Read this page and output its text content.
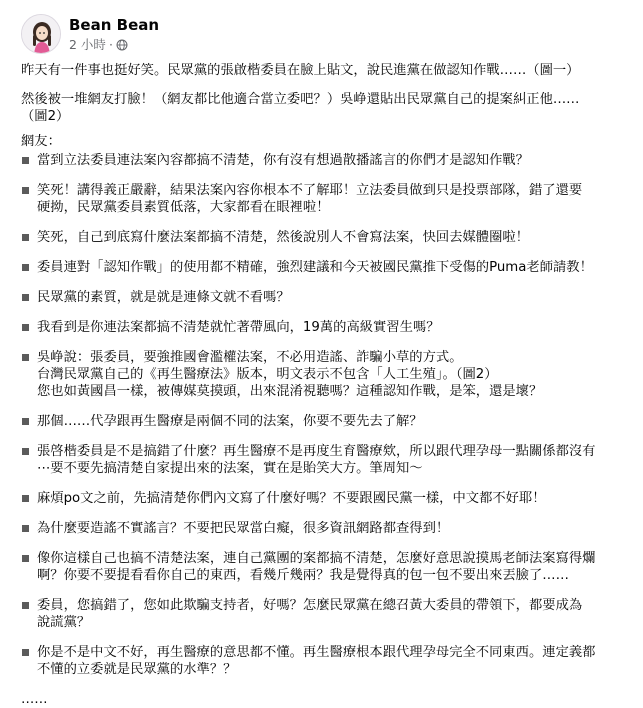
Bean Bean
2 小時 ·

昨天有一件事也挺好笑。民眾黨的張啟楷委員在臉上貼文，說民進黨在做認知作戰……（圖一）

然後被一堆網友打臉！（網友都比他適合當立委吧？）吳峥還貼出民眾黨自己的提案糾正他……
（圖2）

網友：

當到立法委員連法案內容都搞不清楚，你有沒有想過散播謠言的你們才是認知作戰？
笑死！講得義正嚴辭，結果法案內容你根本不了解耶！立法委員做到只是投票部隊，錯了還要
硬拗，民眾黨委員素質低落，大家都看在眼裡啦！
笑死，自己到底寫什麼法案都搞不清楚，然後說別人不會寫法案，快回去媒體圈啦！
委員連對「認知作戰」的使用都不精確，強烈建議和今天被國民黨推下受傷的Puma老師請教！
民眾黨的素質，就是就是連條文就不看嗎？
我看到是你連法案都搞不清楚就忙著帶風向，19萬的高級實習生嗎？
吳峥說：張委員，要強推國會濫權法案，不必用造謠、詐騙小草的方式。
台灣民眾黨自己的《再生醫療法》版本，明文表示不包含「人工生殖」。（圖2）
您也如黃國昌一樣，被傳媒莫摸頭，出來混淆視聽嗎？這種認知作戰，是笨，還是壞？
那個……代孕跟再生醫療是兩個不同的法案，你要不要先去了解？
張啓楷委員是不是搞錯了什麼？再生醫療不是再度生育醫療欸，所以跟代理孕母一點關係都沒有
⋯要不要先搞清楚自家提出來的法案，實在是貽笑大方。筆周知～
麻煩po文之前，先搞清楚你們內文寫了什麼好嗎？不要跟國民黨一樣，中文都不好耶！
為什麼要造謠不實謠言？不要把民眾當白癡，很多資訊網路都查得到！
像你這樣自己也搞不清楚法案，連自己黨團的案都搞不清楚，怎麼好意思說摸馬老師法案寫得爛
啊？你要不要提看看你自己的東西，看幾斤幾兩？我是覺得真的包一包不要出來丟臉了……
委員，您搞錯了，您如此欺騙支持者，好嗎？怎麼民眾黨在總召黃大委員的帶領下，都要成為
說謊黨？
你是不是中文不好，再生醫療的意思都不懂。再生醫療根本跟代理孕母完全不同東西。連定義都
不懂的立委就是民眾黨的水準？？

……
